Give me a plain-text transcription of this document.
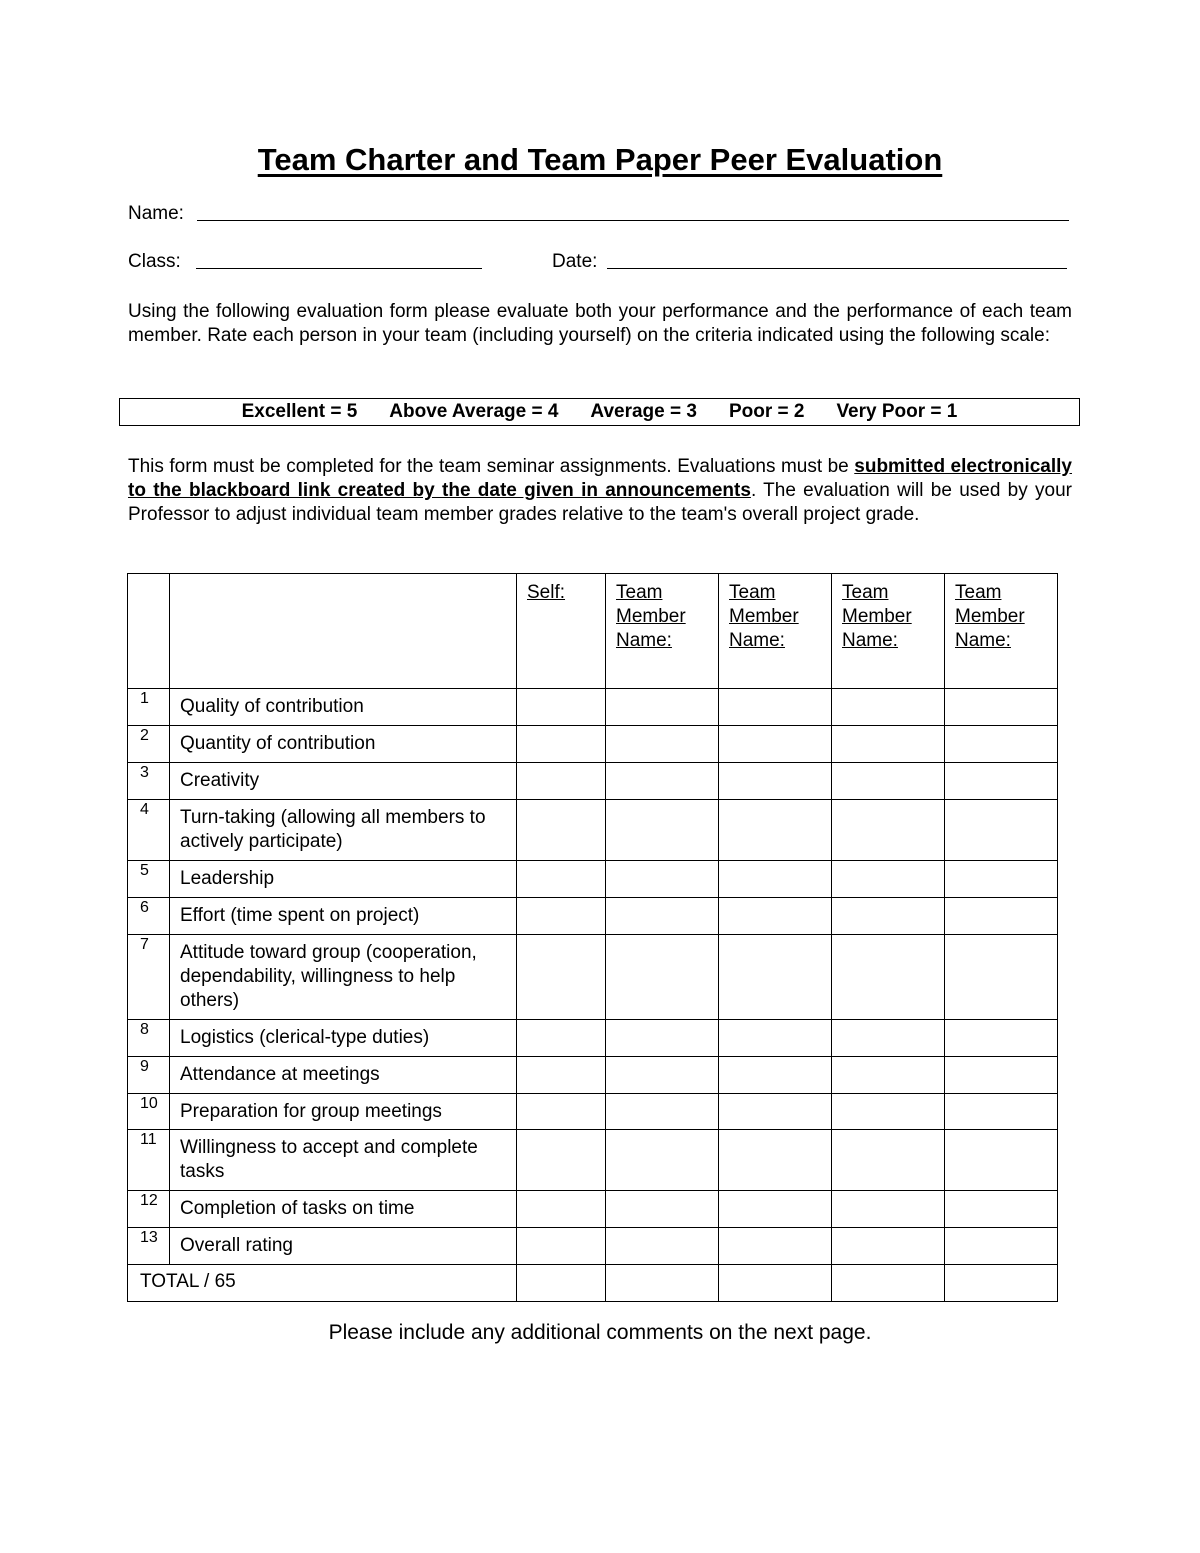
Team Charter and Team Paper Peer Evaluation
Name:
Class:	Date:
Using the following evaluation form please evaluate both your performance and the performance of each team member. Rate each person in your team (including yourself) on the criteria indicated using the following scale:
Excellent = 5 Above Average = 4 Average = 3 Poor = 2 Very Poor = 1
This form must be completed for the team seminar assignments. Evaluations must be submitted electronically to the blackboard link created by the date given in announcements. The evaluation will be used by your Professor to adjust individual team member grades relative to the team's overall project grade.
		Self:	Team Member Name:	Team Member Name:	Team Member Name:	Team Member Name:
1	Quality of contribution					
2	Quantity of contribution					
3	Creativity					
4	Turn-taking (allowing all members to actively participate)					
5	Leadership					
6	Effort (time spent on project)					
7	Attitude toward group (cooperation, dependability, willingness to help others)					
8	Logistics (clerical-type duties)					
9	Attendance at meetings					
10	Preparation for group meetings					
11	Willingness to accept and complete tasks					
12	Completion of tasks on time					
13	Overall rating					
TOTAL / 65						
Please include any additional comments on the next page.
